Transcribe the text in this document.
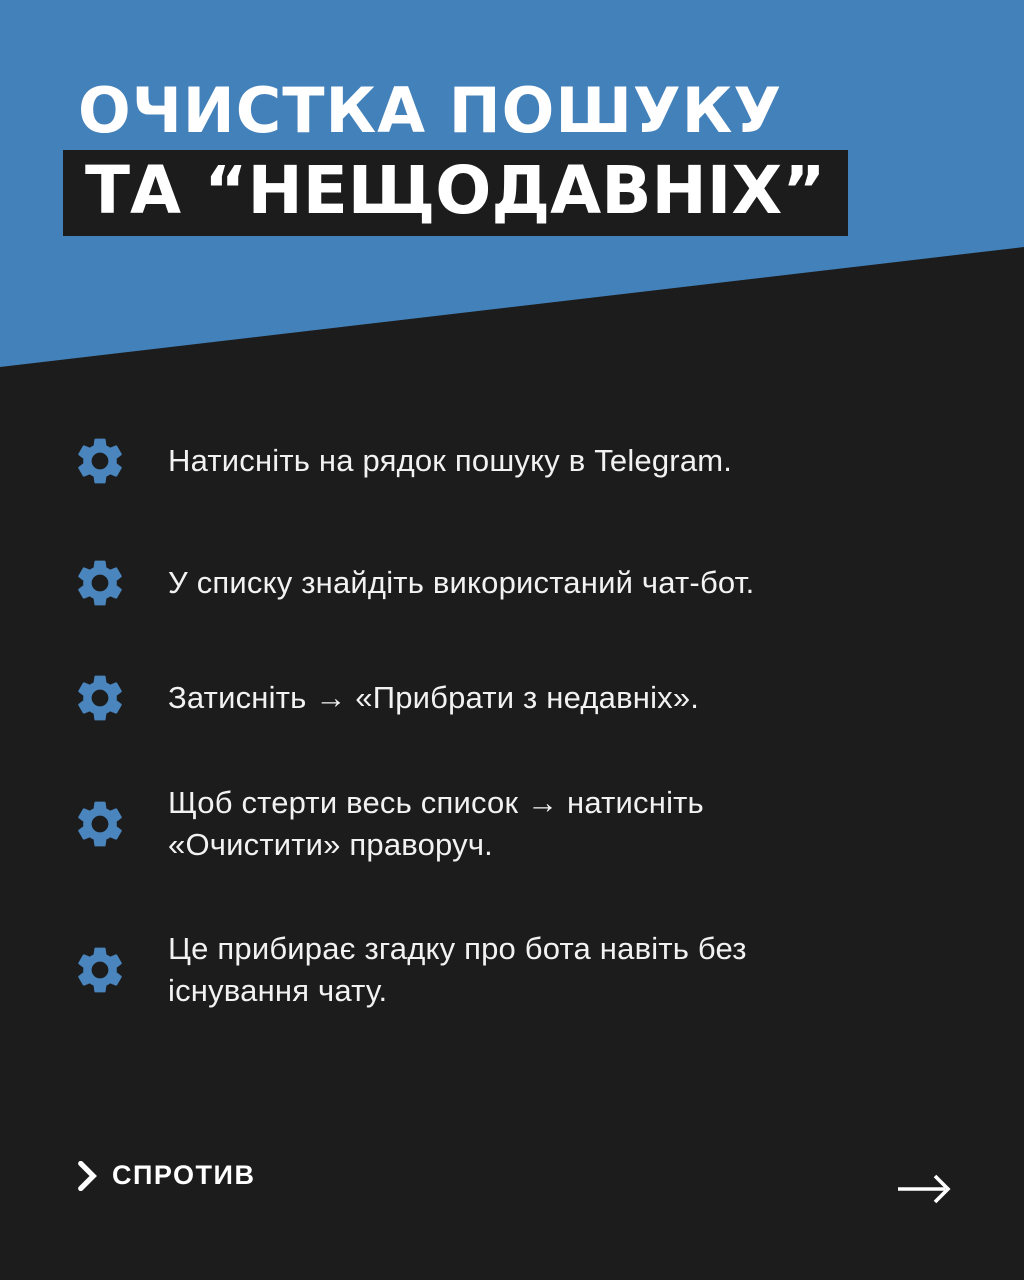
ОЧИСТКА ПОШУКУ
ТА “НЕЩОДАВНІХ”
Натисніть на рядок пошуку в Telegram.
У списку знайдіть використаний чат-бот.
Затисніть → «Прибрати з недавніх».
Щоб стерти весь список → натисніть
«Очистити» праворуч.
Це прибирає згадку про бота навіть без
існування чату.
СПРОТИВ
